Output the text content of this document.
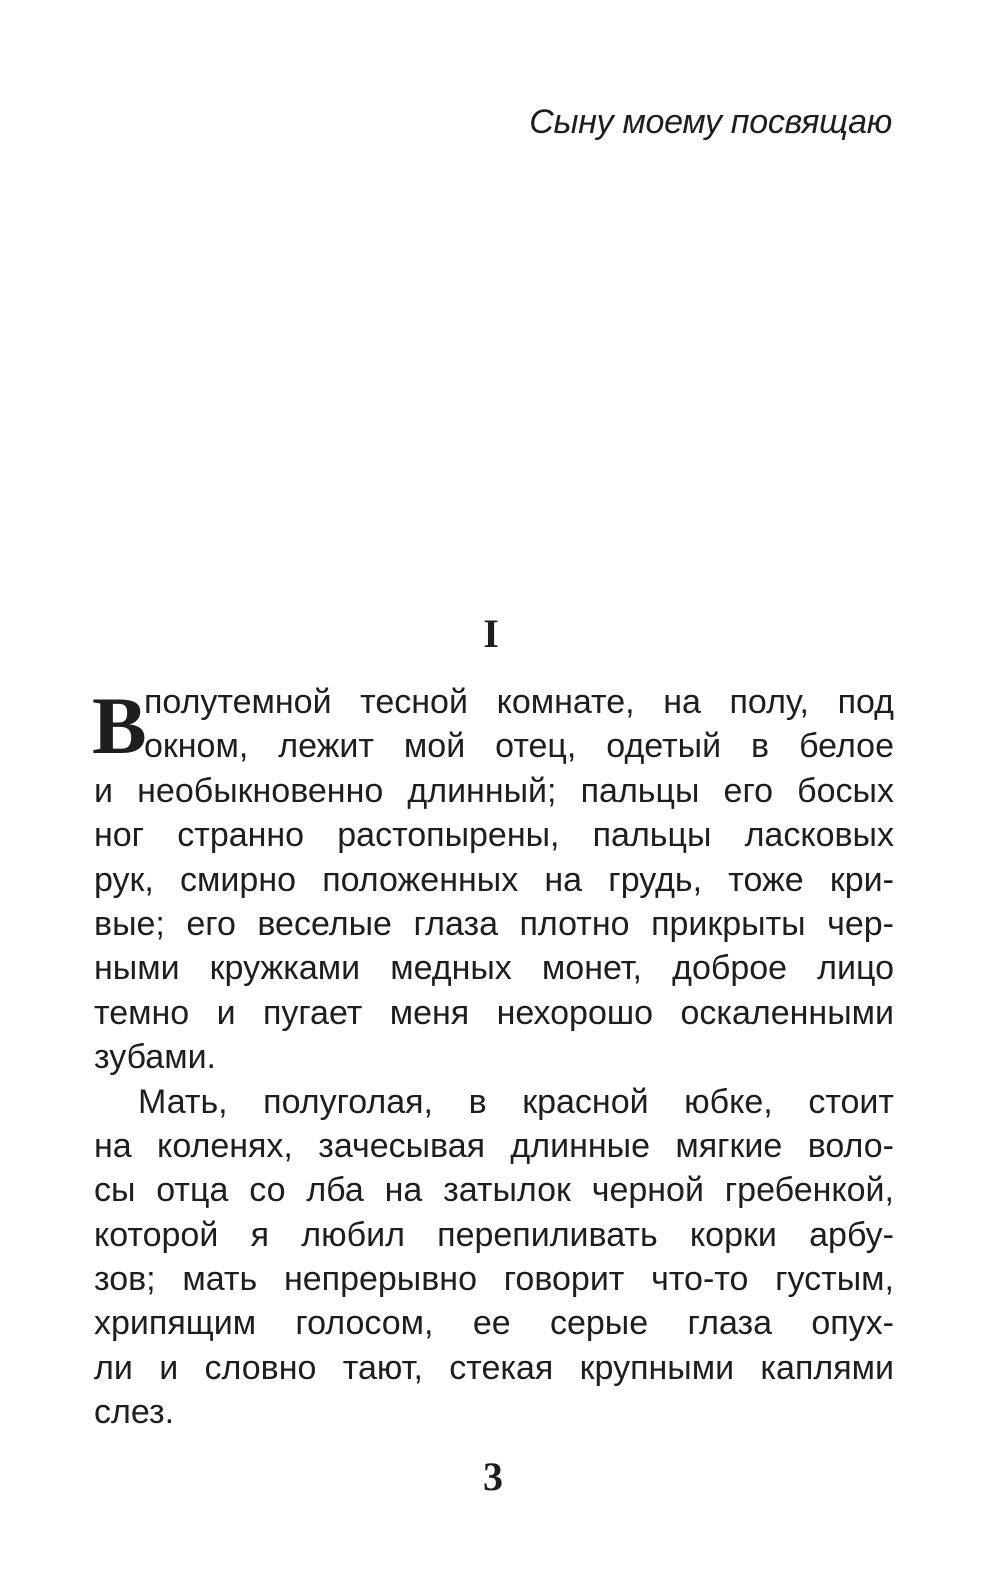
Сыну моему посвящаю
I
В
полутемной тесной комнате, на полу, под
окном, лежит мой отец, одетый в белое
и необыкновенно длинный; пальцы его босых
ног странно растопырены, пальцы ласковых
рук, смирно положенных на грудь, тоже кри-
вые; его веселые глаза плотно прикрыты чер-
ными кружками медных монет, доброе лицо
темно и пугает меня нехорошо оскаленными
зубами.
Мать, полуголая, в красной юбке, стоит
на коленях, зачесывая длинные мягкие воло-
сы отца со лба на затылок черной гребенкой,
которой я любил перепиливать корки арбу-
зов; мать непрерывно говорит что-то густым,
хрипящим голосом, ее серые глаза опух-
ли и словно тают, стекая крупными каплями
слез.
3
